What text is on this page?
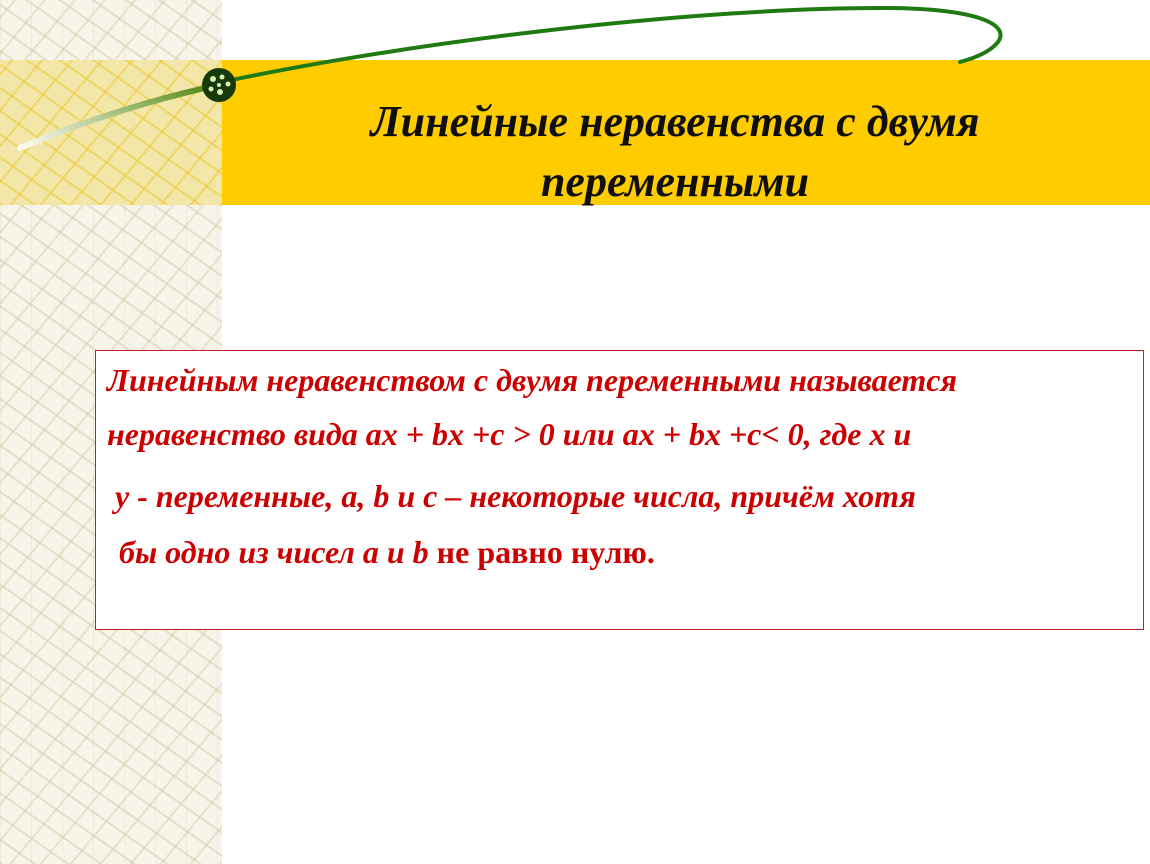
Линейные неравенства с двумя переменными

Линейным неравенством с двумя переменными называется

неравенство вида ax + bx +c > 0 или ax + bx +c< 0, где x и

y - переменные, a, b и c – некоторые числа, причём хотя

бы одно из чисел a и b не равно нулю.
